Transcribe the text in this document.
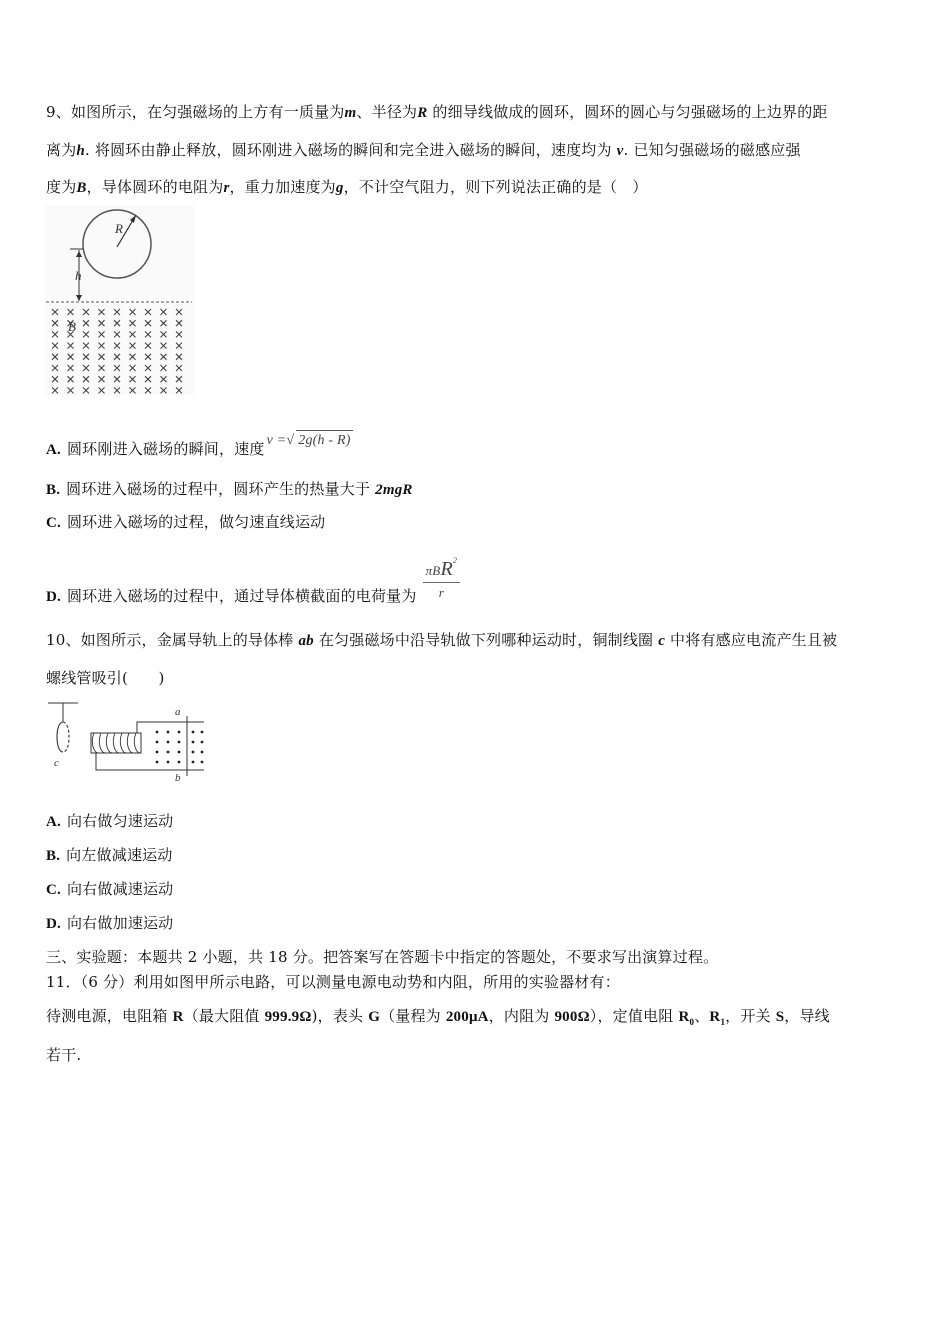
9、如图所示，在匀强磁场的上方有一质量为m、半径为R 的细导线做成的圆环，圆环的圆心与匀强磁场的上边界的距
离为h. 将圆环由静止释放，圆环刚进入磁场的瞬间和完全进入磁场的瞬间，速度均为 v. 已知匀强磁场的磁感应强
度为B，导体圆环的电阻为r，重力加速度为g，不计空气阻力，则下列说法正确的是（　）
R
h
B
A. 圆环刚进入磁场的瞬间，速度 v =√ 2g(h - R)
B. 圆环进入磁场的过程中，圆环产生的热量大于 2mgR
C. 圆环进入磁场的过程，做匀速直线运动
D. 圆环进入磁场的过程中，通过导体横截面的电荷量为 $\frac{\pi BR^2}{r}$
10、如图所示，金属导轨上的导体棒 ab 在匀强磁场中沿导轨做下列哪种运动时，铜制线圈 c 中将有感应电流产生且被
螺线管吸引(　　)
c
a
b
A. 向右做匀速运动
B. 向左做减速运动
C. 向右做减速运动
D. 向右做加速运动
三、实验题：本题共 2 小题，共 18 分。把答案写在答题卡中指定的答题处，不要求写出演算过程。
11．（6 分）利用如图甲所示电路，可以测量电源电动势和内阻，所用的实验器材有：
待测电源，电阻箱 R（最大阻值 999.9Ω)，表头 G（量程为 200μA，内阻为 900Ω），定值电阻 $R_0$、$R_1$，开关 S，导线
若干.
